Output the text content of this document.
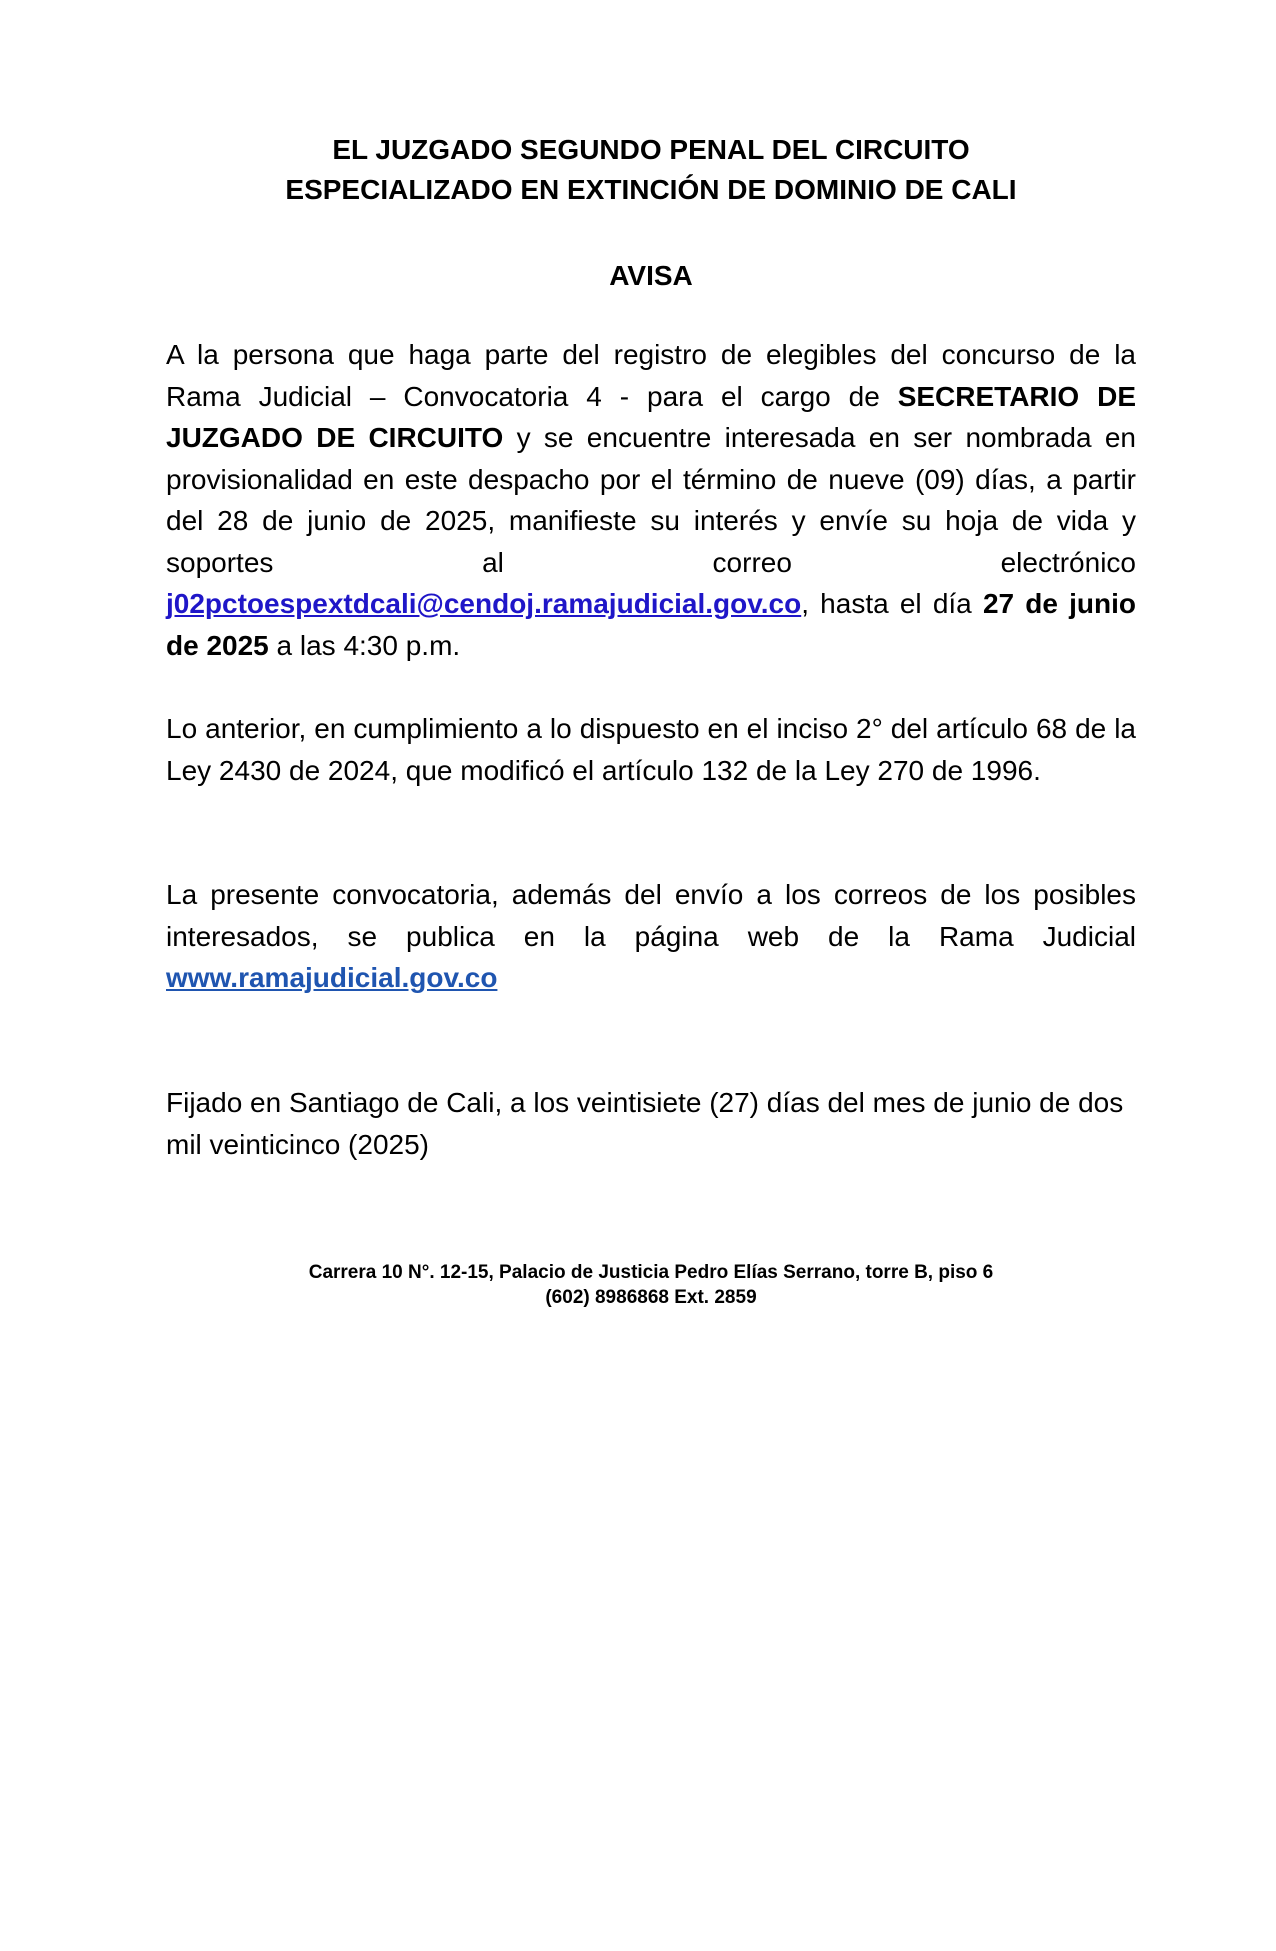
EL JUZGADO SEGUNDO PENAL DEL CIRCUITO
ESPECIALIZADO EN EXTINCIÓN DE DOMINIO DE CALI
AVISA

A la persona que haga parte del registro de elegibles del concurso de la Rama Judicial – Convocatoria 4 - para el cargo de SECRETARIO DE JUZGADO DE CIRCUITO y se encuentre interesada en ser nombrada en provisionalidad en este despacho por el término de nueve (09) días, a partir del 28 de junio de 2025, manifieste su interés y envíe su hoja de vida y soportes al correo electrónico j02pctoespextdcali@cendoj.ramajudicial.gov.co, hasta el día 27 de junio de 2025 a las 4:30 p.m.

Lo anterior, en cumplimiento a lo dispuesto en el inciso 2° del artículo 68 de la Ley 2430 de 2024, que modificó el artículo 132 de la Ley 270 de 1996.

La presente convocatoria, además del envío a los correos de los posibles interesados, se publica en la página web de la Rama Judicial www.ramajudicial.gov.co

Fijado en Santiago de Cali, a los veintisiete (27) días del mes de junio de dos mil veinticinco (2025)

Carrera 10 N°. 12-15, Palacio de Justicia Pedro Elías Serrano, torre B, piso 6
(602) 8986868 Ext. 2859
